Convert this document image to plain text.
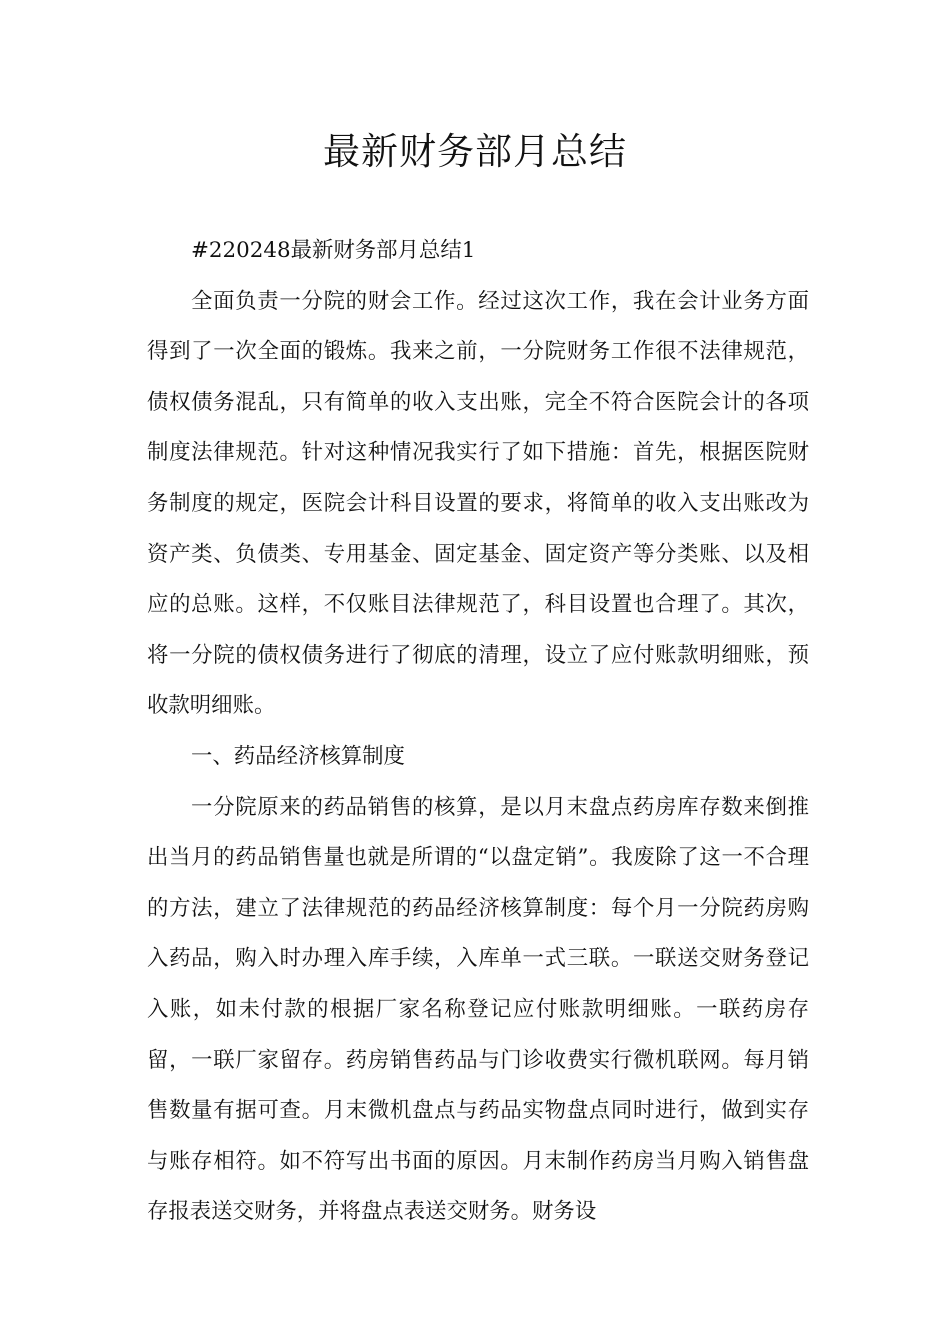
最新财务部月总结

#220248最新财务部月总结1

全面负责一分院的财会工作。经过这次工作，我在会计业务方面得到了一次全面的锻炼。我来之前，一分院财务工作很不法律规范，债权债务混乱，只有简单的收入支出账，完全不符合医院会计的各项制度法律规范。针对这种情况我实行了如下措施：首先，根据医院财务制度的规定，医院会计科目设置的要求，将简单的收入支出账改为资产类、负债类、专用基金、固定基金、固定资产等分类账、以及相应的总账。这样，不仅账目法律规范了，科目设置也合理了。其次，将一分院的债权债务进行了彻底的清理，设立了应付账款明细账，预收款明细账。

一、药品经济核算制度

一分院原来的药品销售的核算，是以月末盘点药房库存数来倒推出当月的药品销售量也就是所谓的“以盘定销”。我废除了这一不合理的方法，建立了法律规范的药品经济核算制度：每个月一分院药房购入药品，购入时办理入库手续，入库单一式三联。一联送交财务登记入账，如未付款的根据厂家名称登记应付账款明细账。一联药房存留，一联厂家留存。药房销售药品与门诊收费实行微机联网。每月销售数量有据可查。月末微机盘点与药品实物盘点同时进行，做到实存与账存相符。如不符写出书面的原因。月末制作药房当月购入销售盘存报表送交财务，并将盘点表送交财务。财务设
